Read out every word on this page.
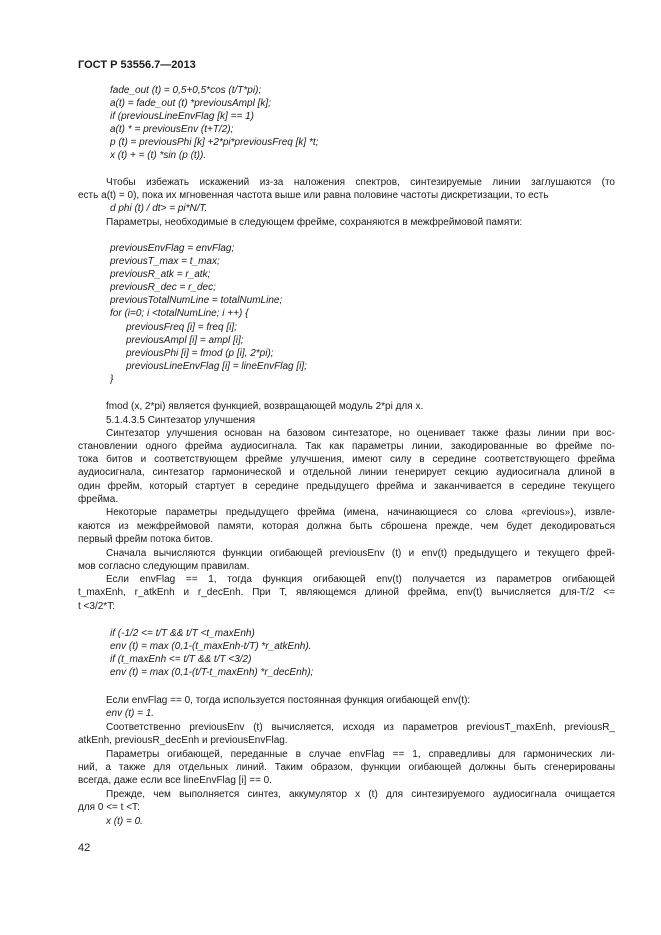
ГОСТ Р 53556.7—2013
fade_out (t) = 0,5+0,5*cos (t/T*pi);
a(t) = fade_out (t) *previousAmpl [k];
if (previousLineEnvFlag [k] == 1)
a(t) * = previousEnv (t+T/2);
p (t) = previousPhi [k] +2*pi*previousFreq [k] *t;
x (t) + = (t) *sin (p (t)).
Чтобы избежать искажений из-за наложения спектров, синтезируемые линии заглушаются (то
есть a(t) = 0), пока их мгновенная частота выше или равна половине частоты дискретизации, то есть
d phi (t) / dt> = pi*N/T.
Параметры, необходимые в следующем фрейме, сохраняются в межфреймовой памяти:
previousEnvFlag = envFlag;
previousT_max = t_max;
previousR_atk = r_atk;
previousR_dec = r_dec;
previousTotalNumLine = totalNumLine;
for (i=0; i <totalNumLine; i ++) {
previousFreq [i] = freq [i];
previousAmpl [i] = ampl [i];
previousPhi [i] = fmod (p [i], 2*pi);
previousLineEnvFlag [i] = lineEnvFlag [i];
}
fmod (x, 2*pi) является функцией, возвращающей модуль 2*pi для x.
5.1.4.3.5 Синтезатор улучшения
Синтезатор улучшения основан на базовом синтезаторе, но оценивает также фазы линии при вос-
становлении одного фрейма аудиосигнала. Так как параметры линии, закодированные во фрейме по-
тока битов и соответствующем фрейме улучшения, имеют силу в середине соответствующего фрейма
аудиосигнала, синтезатор гармонической и отдельной линии генерирует секцию аудиосигнала длиной в
один фрейм, который стартует в середине предыдущего фрейма и заканчивается в середине текущего
фрейма.
Некоторые параметры предыдущего фрейма (имена, начинающиеся со слова «previous»), извле-
каются из межфреймовой памяти, которая должна быть сброшена прежде, чем будет декодироваться
первый фрейм потока битов.
Сначала вычисляются функции огибающей previousEnv (t) и env(t) предыдущего и текущего фрей-
мов согласно следующим правилам.
Если envFlag == 1, тогда функция огибающей env(t) получается из параметров огибающей
t_maxEnh, r_atkEnh и r_decEnh. При T, являющемся длиной фрейма, env(t) вычисляется для-T/2 <=
t <3/2*T:
if (-1/2 <= t/T && t/T <t_maxEnh)
env (t) = max (0,1-(t_maxEnh-t/T) *r_atkEnh).
if (t_maxEnh <= t/T && t/T <3/2)
env (t) = max (0,1-(t/T-t_maxEnh) *r_decEnh);
Если envFlag == 0, тогда используется постоянная функция огибающей env(t):
env (t) = 1.
Соответственно previousEnv (t) вычисляется, исходя из параметров previousT_maxEnh, previousR_
atkEnh, previousR_decEnh и previousEnvFlag.
Параметры огибающей, переданные в случае envFlag == 1, справедливы для гармонических ли-
ний, а также для отдельных линий. Таким образом, функции огибающей должны быть сгенерированы
всегда, даже если все lineEnvFlag [i] == 0.
Прежде, чем выполняется синтез, аккумулятор x (t) для синтезируемого аудиосигнала очищается
для 0 <= t <T:
x (t) = 0.
42
